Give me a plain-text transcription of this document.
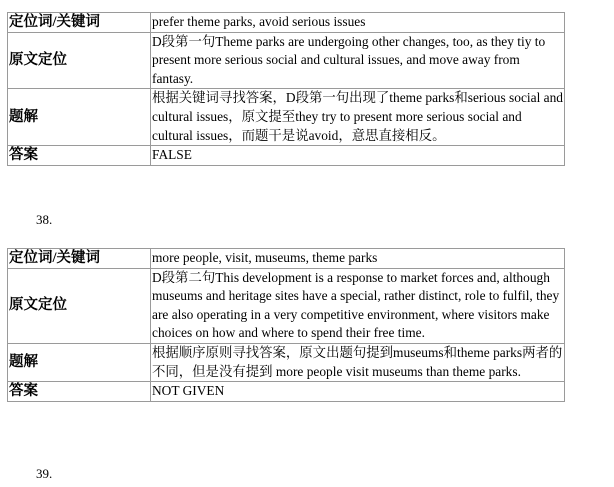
定位词/关键词	prefer theme parks, avoid serious issues
原文定位	D段第一句Theme parks are undergoing other changes, too, as they tiy to present more serious social and cultural issues, and move away from fantasy.
题解	根据关键词寻找答案，D段第一句出现了theme parks和serious social and cultural issues，原文提至they try to present more serious social and cultural issues，而题干是说avoid，意思直接相反。
答案	FALSE
38.
定位词/关键词	more people, visit, museums, theme parks
原文定位	D段第二句This development is a response to market forces and, although museums and heritage sites have a special, rather distinct, role to fulfil, they are also operating in a very competitive environment, where visitors make choices on how and where to spend their free time.
题解	根据顺序原则寻找答案，原文出题句提到museums和theme parks两者的不同，但是没有提到 more people visit museums than theme parks.
答案	NOT GIVEN
39.
